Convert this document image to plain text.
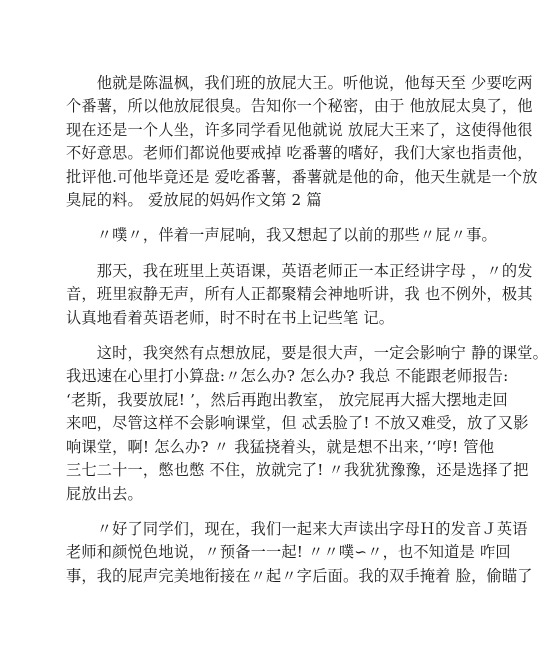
　　他就是陈温枫，我们班的放屁大王。听他说，他每天至 少要吃两
个番薯，所以他放屁很臭。告知你一个秘密，由于 他放屁太臭了，他
现在还是一个人坐，许多同学看见他就说 放屁大王来了，这使得他很
不好意思。老师们都说他要戒掉 吃番薯的嗜好，我们大家也指责他，
批评他.可他毕竟还是 爱吃番薯，番薯就是他的命，他天生就是一个放
臭屁的料。 爱放屁的妈妈作文第 2 篇
　　〃噗〃，伴着一声屁响，我又想起了以前的那些〃屁〃事。
　　那天，我在班里上英语课，英语老师正一本正经讲字母 ，〃的发
音，班里寂静无声，所有人正都聚精会神地听讲，我 也不例外，极其
认真地看着英语老师，时不时在书上记些笔 记。
　　这时，我突然有点想放屁，要是很大声，一定会影响宁 静的课堂。
我迅速在心里打小算盘:〃怎么办? 怎么办? 我总 不能跟老师报告:
‘老斯，我要放屁! ’，然后再跑出教室， 放完屁再大摇大摆地走回
来吧，尽管这样不会影响课堂，但 忒丢脸了! 不放又难受，放了又影
响课堂，啊! 怎么办? 〃 我猛挠着头，就是想不出来，’‘哼! 管他
三七二十一，憋也憋 不住，放就完了! 〃我犹犹豫豫，还是选择了把
屁放出去。
　　〃好了同学们，现在，我们一起来大声读出字母Ｈ的发音Ｊ英语
老师和颜悦色地说，〃预备一一起! 〃〃噗∽〃，也不知道是 咋回
事，我的屁声完美地衔接在〃起〃字后面。我的双手掩着 脸，偷瞄了
